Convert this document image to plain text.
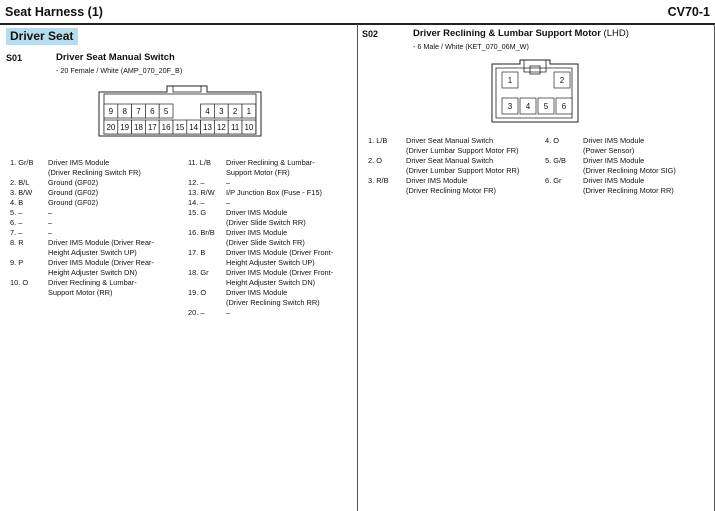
Seat Harness (1)	CV70-1
Driver Seat
S01	Driver Seat Manual Switch
- 20 Female / White (AMP_070_20F_B)
20 19 18 17 16 15 14 13 12 11 10
9 8 7 6 5	4 3 2 1
1. Gr/B	Driver IMS Module
(Driver Reclining Switch FR)
2. B/L	Ground (GF02)
3. B/W	Ground (GF02)
4. B	Ground (GF02)
5. –	–
6. –	–
7. –	–
8. R	Driver IMS Module (Driver Rear-
Height Adjuster Switch UP)
9. P	Driver IMS Module (Driver Rear-
Height Adjuster Switch DN)
10. O	Driver Reclining & Lumbar-
Support Motor (RR)
11. L/B	Driver Reclining & Lumbar-
Support Motor (FR)
12. –	–
13. R/W	I/P Junction Box (Fuse - F15)
14. –	–
15. G	Driver IMS Module
(Driver Slide Switch RR)
16. Br/B	Driver IMS Module
(Driver Slide Switch FR)
17. B	Driver IMS Module (Driver Front-
Height Adjuster Switch UP)
18. Gr	Driver IMS Module (Driver Front-
Height Adjuster Switch DN)
19. O	Driver IMS Module
(Driver Reclining Switch RR)
20. –	–
S02	Driver Reclining & Lumbar Support Motor (LHD)
- 6 Male / White (KET_070_06M_W)
1	2
3 4 5 6
1. L/B	Driver Seat Manual Switch
(Driver Lumbar Support Motor FR)
2. O	Driver Seat Manual Switch
(Driver Lumbar Support Motor RR)
3. R/B	Driver IMS Module
(Driver Reclining Motor FR)
4. O	Driver IMS Module
(Power Sensor)
5. G/B	Driver IMS Module
(Driver Reclining Motor SIG)
6. Gr	Driver IMS Module
(Driver Reclining Motor RR)
